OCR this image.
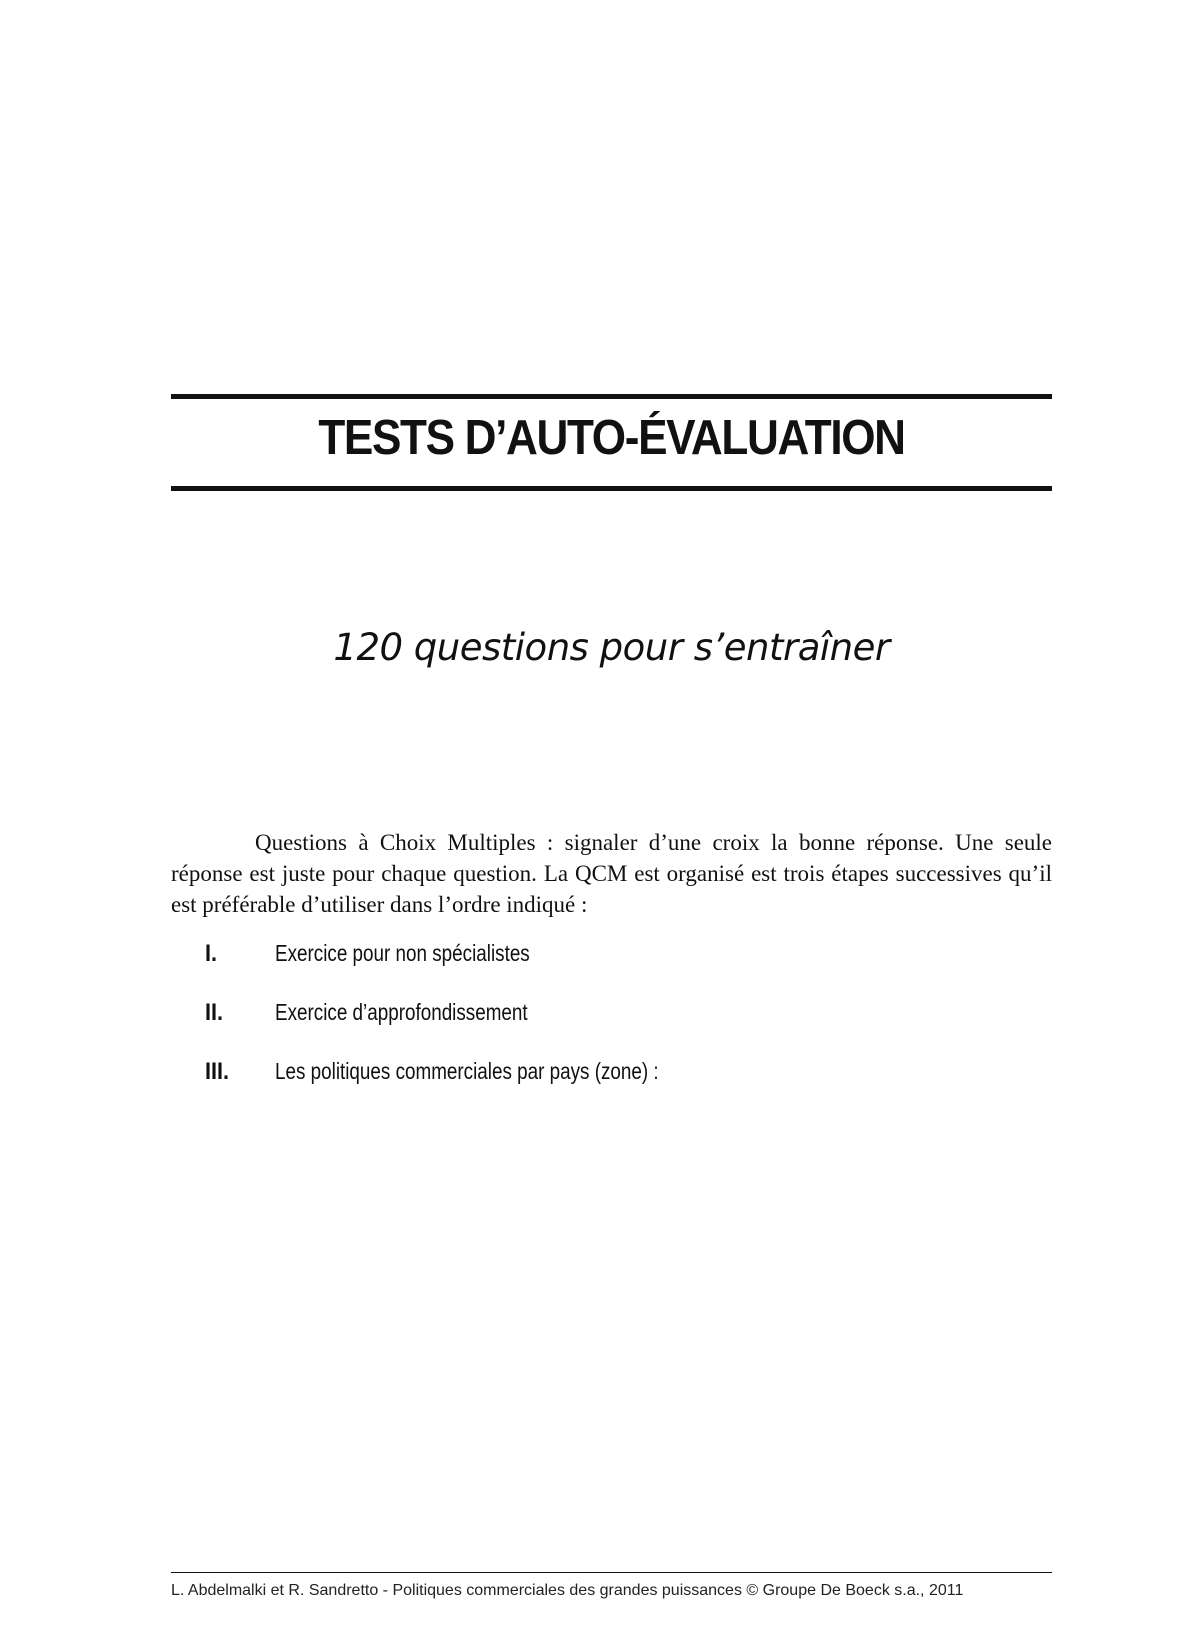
TESTS D’AUTO-ÉVALUATION
120 questions pour s’entraîner

Questions à Choix Multiples : signaler d’une croix la bonne réponse. Une seule réponse est juste pour chaque question. La QCM est organisé est trois étapes successives qu’il est préférable d’utiliser dans l’ordre indiqué :

I.	Exercice pour non spécialistes
II.	Exercice d’approfondissement
III.	Les politiques commerciales par pays (zone) :
L. Abdelmalki et R. Sandretto - Politiques commerciales des grandes puissances © Groupe De Boeck s.a., 2011
